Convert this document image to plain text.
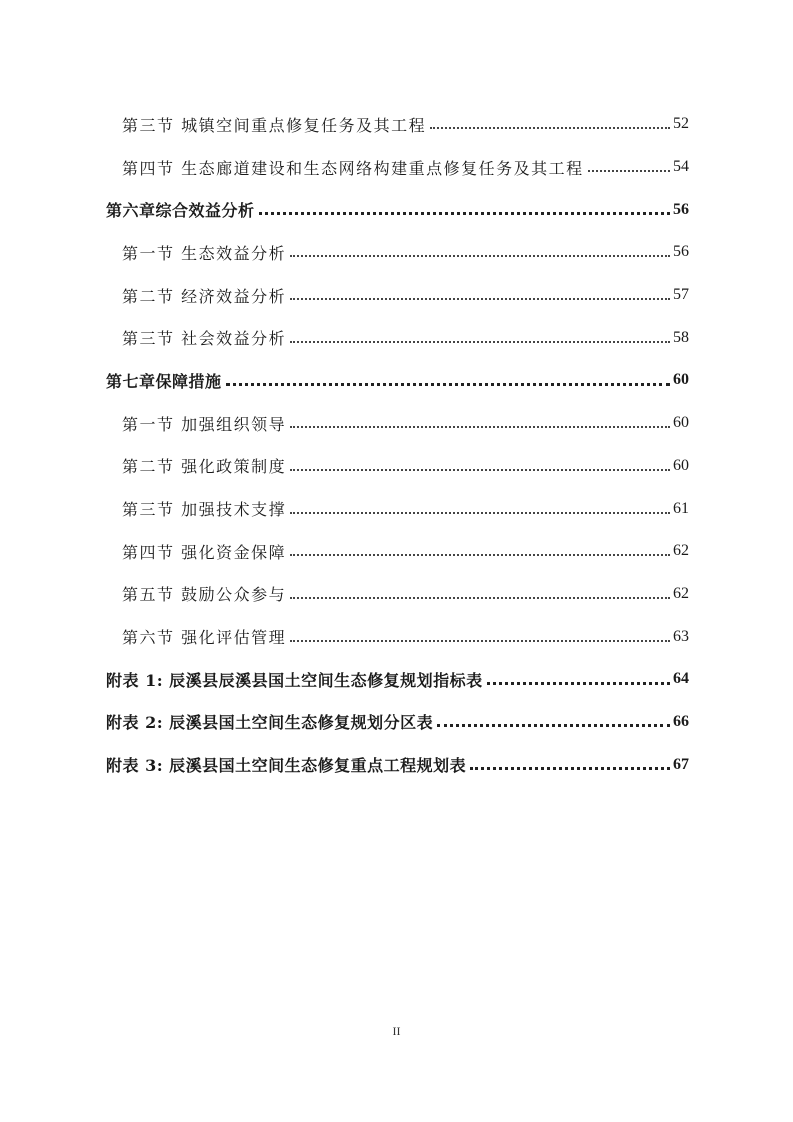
第三节 城镇空间重点修复任务及其工程	52
第四节 生态廊道建设和生态网络构建重点修复任务及其工程	54
第六章综合效益分析	56
第一节 生态效益分析	56
第二节 经济效益分析	57
第三节 社会效益分析	58
第七章保障措施	60
第一节 加强组织领导	60
第二节 强化政策制度	60
第三节 加强技术支撑	61
第四节 强化资金保障	62
第五节 鼓励公众参与	62
第六节 强化评估管理	63
附表 1: 辰溪县辰溪县国土空间生态修复规划指标表	64
附表 2: 辰溪县国土空间生态修复规划分区表	66
附表 3: 辰溪县国土空间生态修复重点工程规划表	67
II
